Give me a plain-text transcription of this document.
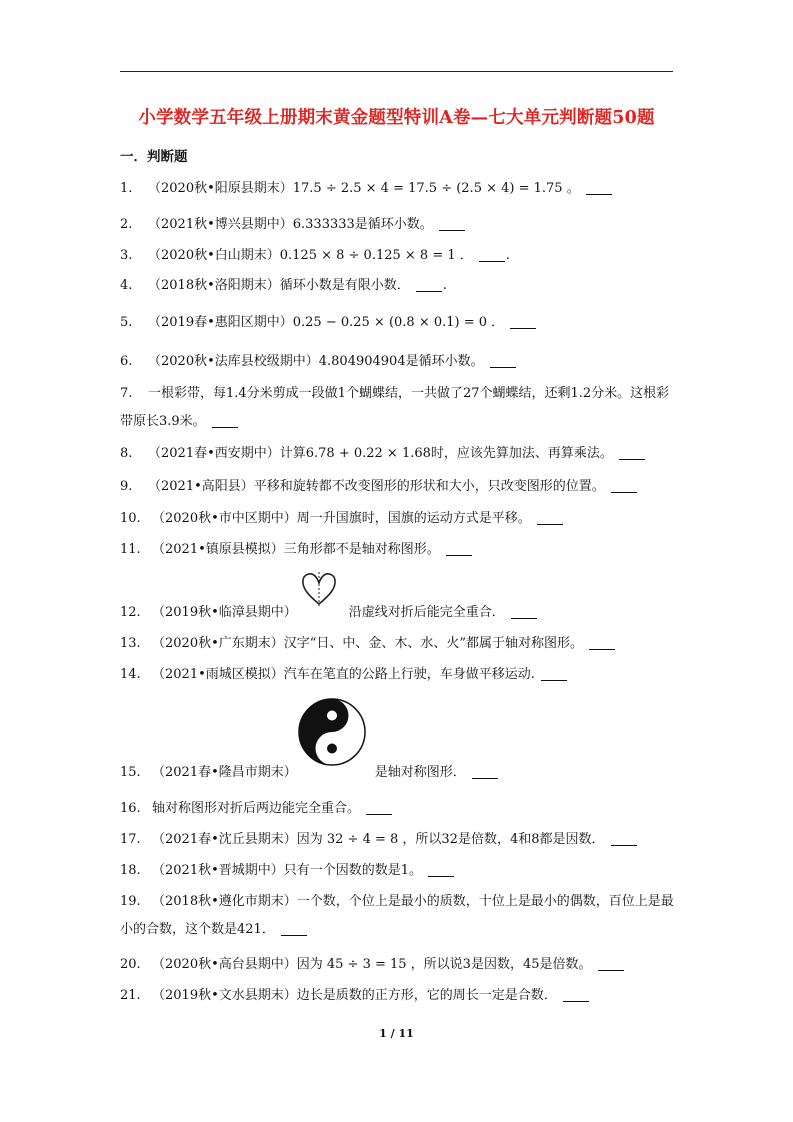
小学数学五年级上册期末黄金题型特训A卷—七大单元判断题50题
一．判断题
1. （2020秋•阳原县期末）17.5 ÷ 2.5 × 4 = 17.5 ÷ (2.5 × 4) = 1.75 。
2. （2021秋•博兴县期中）6.333333是循环小数。
3. （2020秋•白山期末）0.125 × 8 ÷ 0.125 × 8 = 1 ．	.
4. （2018秋•洛阳期末）循环小数是有限小数．	.
5. （2019春•惠阳区期中）0.25 − 0.25 × (0.8 × 0.1) = 0 ．
6. （2020秋•法库县校级期中）4.804904904是循环小数。
7. 一根彩带，每1.4分米剪成一段做1个蝴蝶结，一共做了27个蝴蝶结，还剩1.2分米。这根彩带原长3.9米。
8. （2021春•西安期中）计算6.78 + 0.22 × 1.68时，应该先算加法、再算乘法。
9. （2021•高阳县）平移和旋转都不改变图形的形状和大小，只改变图形的位置。
10. （2020秋•市中区期中）周一升国旗时，国旗的运动方式是平移。
11. （2021•镇原县模拟）三角形都不是轴对称图形。
12. （2019秋•临漳县期中）	沿虚线对折后能完全重合．
13. （2020秋•广东期末）汉字“日、中、金、木、水、火”都属于轴对称图形。
14. （2021•雨城区模拟）汽车在笔直的公路上行驶，车身做平移运动.
15. （2021春•隆昌市期末）	是轴对称图形．
16. 轴对称图形对折后两边能完全重合。
17. （2021春•沈丘县期末）因为 32 ÷ 4 = 8 ，所以32是倍数，4和8都是因数．
18. （2021秋•晋城期中）只有一个因数的数是1。
19. （2018秋•遵化市期末）一个数，个位上是最小的质数，十位上是最小的偶数，百位上是最小的合数，这个数是421．
20. （2020秋•高台县期中）因为 45 ÷ 3 = 15 ，所以说3是因数，45是倍数。
21. （2019秋•文水县期末）边长是质数的正方形，它的周长一定是合数．
1 / 11
